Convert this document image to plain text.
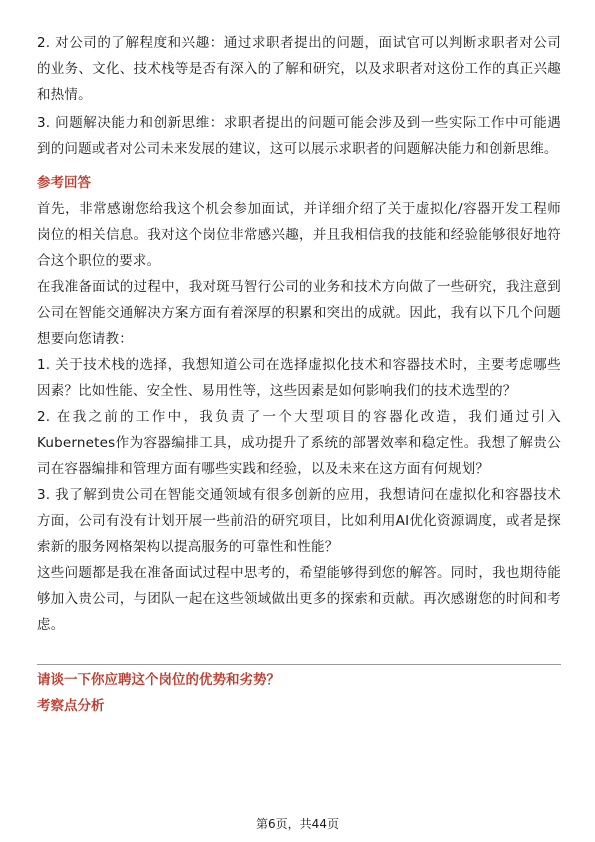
2. 对公司的了解程度和兴趣：通过求职者提出的问题，面试官可以判断求职者对公司的业务、文化、技术栈等是否有深入的了解和研究，以及求职者对这份工作的真正兴趣和热情。

3. 问题解决能力和创新思维：求职者提出的问题可能会涉及到一些实际工作中可能遇到的问题或者对公司未来发展的建议，这可以展示求职者的问题解决能力和创新思维。

参考回答

首先，非常感谢您给我这个机会参加面试，并详细介绍了关于虚拟化/容器开发工程师岗位的相关信息。我对这个岗位非常感兴趣，并且我相信我的技能和经验能够很好地符合这个职位的要求。

在我准备面试的过程中，我对斑马智行公司的业务和技术方向做了一些研究，我注意到公司在智能交通解决方案方面有着深厚的积累和突出的成就。因此，我有以下几个问题想要向您请教：

1. 关于技术栈的选择，我想知道公司在选择虚拟化技术和容器技术时，主要考虑哪些因素？比如性能、安全性、易用性等，这些因素是如何影响我们的技术选型的？

2. 在我之前的工作中，我负责了一个大型项目的容器化改造，我们通过引入Kubernetes作为容器编排工具，成功提升了系统的部署效率和稳定性。我想了解贵公司在容器编排和管理方面有哪些实践和经验，以及未来在这方面有何规划？

3. 我了解到贵公司在智能交通领域有很多创新的应用，我想请问在虚拟化和容器技术方面，公司有没有计划开展一些前沿的研究项目，比如利用AI优化资源调度，或者是探索新的服务网格架构以提高服务的可靠性和性能？

这些问题都是我在准备面试过程中思考的，希望能够得到您的解答。同时，我也期待能够加入贵公司，与团队一起在这些领域做出更多的探索和贡献。再次感谢您的时间和考虑。

请谈一下你应聘这个岗位的优势和劣势？
考察点分析
第6页，共44页
